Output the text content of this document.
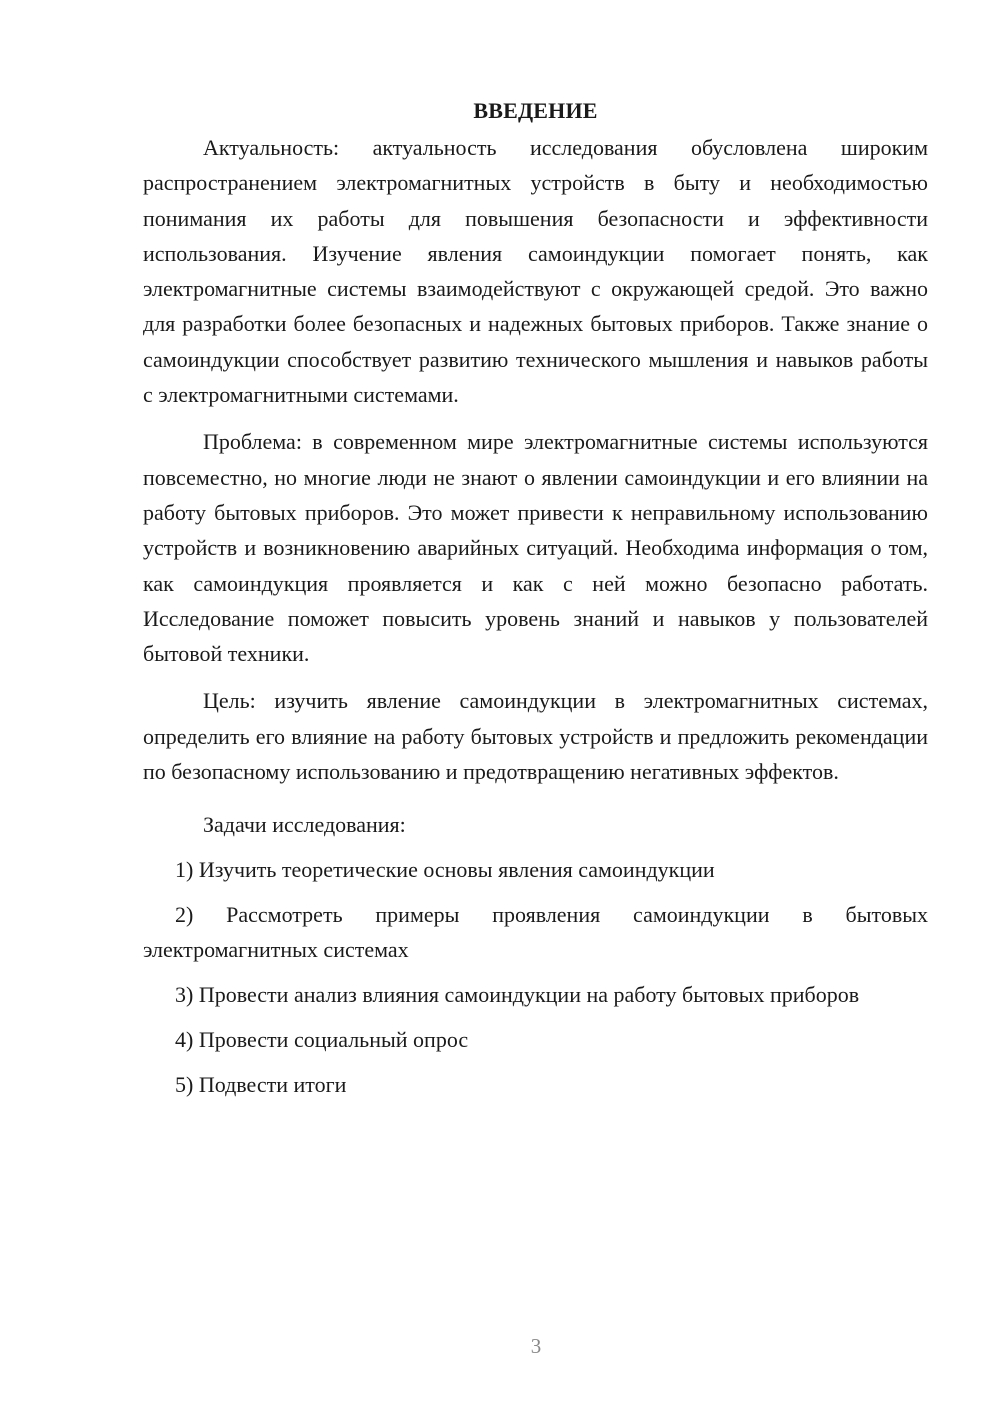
ВВЕДЕНИЕ

Актуальность: актуальность исследования обусловлена широким распространением электромагнитных устройств в быту и необходимостью понимания их работы для повышения безопасности и эффективности использования. Изучение явления самоиндукции помогает понять, как электромагнитные системы взаимодействуют с окружающей средой. Это важно для разработки более безопасных и надежных бытовых приборов. Также знание о самоиндукции способствует развитию технического мышления и навыков работы с электромагнитными системами.

Проблема: в современном мире электромагнитные системы используются повсеместно, но многие люди не знают о явлении самоиндукции и его влиянии на работу бытовых приборов. Это может привести к неправильному использованию устройств и возникновению аварийных ситуаций. Необходима информация о том, как самоиндукция проявляется и как с ней можно безопасно работать. Исследование поможет повысить уровень знаний и навыков у пользователей бытовой техники.

Цель: изучить явление самоиндукции в электромагнитных системах, определить его влияние на работу бытовых устройств и предложить рекомендации по безопасному использованию и предотвращению негативных эффектов.

Задачи исследования:

1) Изучить теоретические основы явления самоиндукции

2) Рассмотреть примеры проявления самоиндукции в бытовых электромагнитных системах

3) Провести анализ влияния самоиндукции на работу бытовых приборов

4) Провести социальный опрос

5) Подвести итоги

3
